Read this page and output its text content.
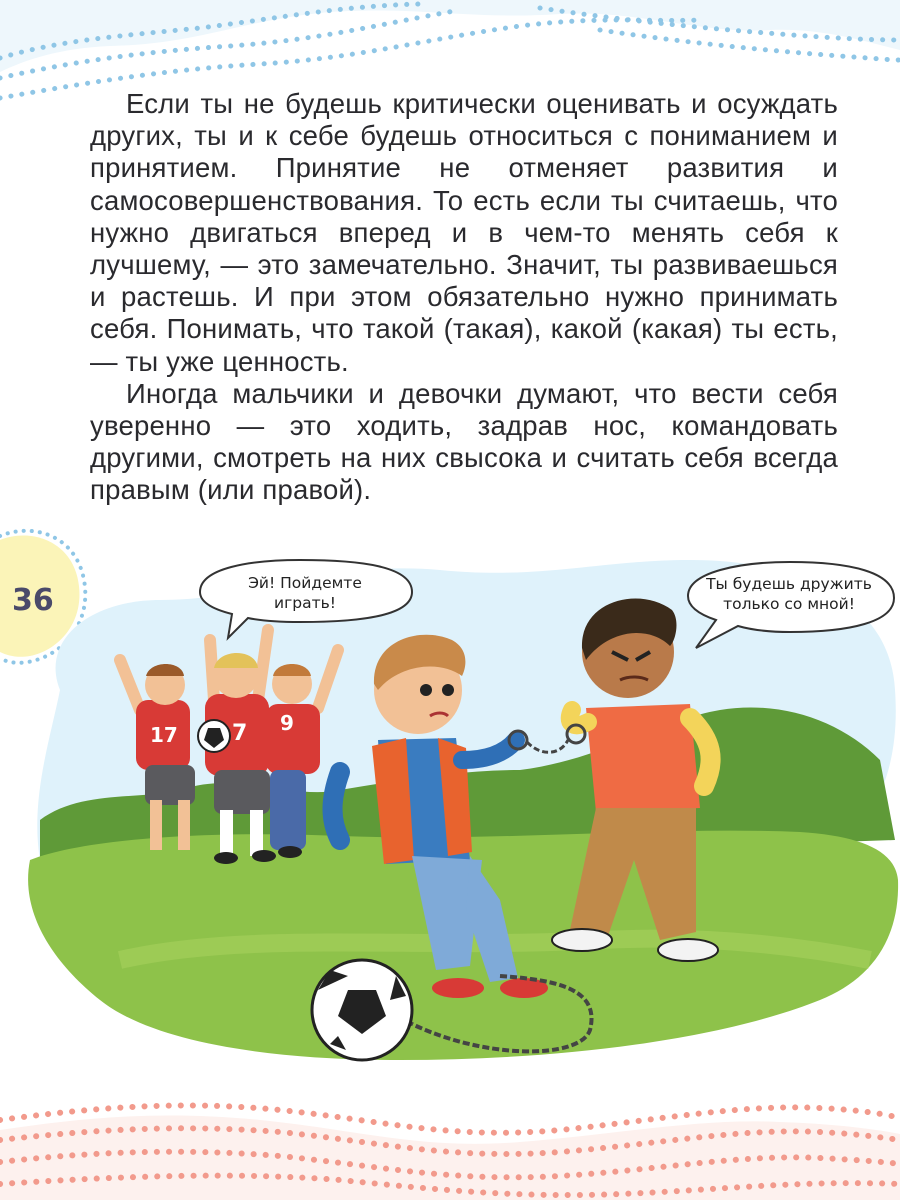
Если ты не будешь критически оценивать и осуждать других, ты и к себе будешь относиться с пониманием и принятием. Принятие не отменяет развития и самосовершенствования. То есть если ты считаешь, что нужно двигаться вперед и в чем-то менять себя к лучшему, — это замечательно. Значит, ты развиваешься и растешь. И при этом обязательно нужно принимать себя. Понимать, что такой (такая), какой (какая) ты есть, — ты уже ценность.

Иногда мальчики и девочки думают, что вести себя уверенно — это ходить, задрав нос, командовать другими, смотреть на них свысока и считать себя всегда правым (или правой).

17 7 9
36	Эй! Пойдемте
играть!
Ты будешь дружить
только со мной!
